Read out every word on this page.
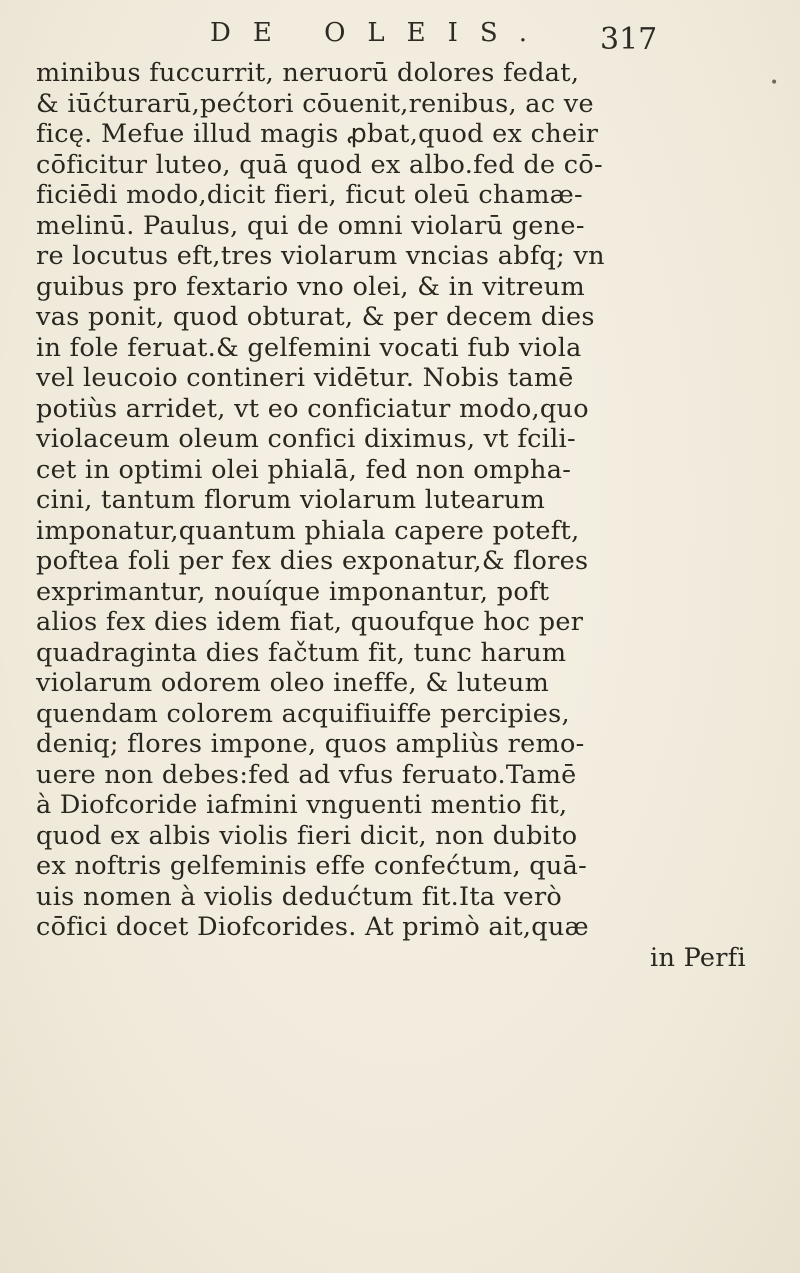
DE OLEIS. 317
•
minibus fuccurrit, neruorū dolores fedat,
& iūćturarū,pećtori cōuenit,renibus, ac ve
ficę. Mefue illud magis ꝓbat,quod ex cheir
cōficitur luteo, quā quod ex albo.fed de cō-
ficiēdi modo,dicit fieri, ficut oleū chamæ-
melinū. Paulus, qui de omni violarū gene-
re locutus eft,tres violarum vncias abfq; vn
guibus pro fextario vno olei, & in vitreum
vas ponit, quod obturat, & per decem dies
in fole feruat.& gelfemini vocati fub viola
vel leucoio contineri vidētur. Nobis tamē
potiùs arridet, vt eo conficiatur modo,quo
violaceum oleum confici diximus, vt fcili-
cet in optimi olei phialā, fed non ompha-
cini, tantum florum violarum lutearum
imponatur,quantum phiala capere poteft,
poftea foli per fex dies exponatur,& flores
exprimantur, nouíque imponantur, poft
alios fex dies idem fiat, quoufque hoc per
quadraginta dies fačtum fit, tunc harum
violarum odorem oleo ineffe, & luteum
quendam colorem acquifiuiffe percipies,
deniq; flores impone, quos ampliùs remo-
uere non debes:fed ad vfus feruato.Tamē
à Diofcoride iafmini vnguenti mentio fit,
quod ex albis violis fieri dicit, non dubito
ex noftris gelfeminis effe confećtum, quā-
uis nomen à violis dedućtum fit.Ita verò
cōfici docet Diofcorides. At primò ait,quæ
in Perfi
